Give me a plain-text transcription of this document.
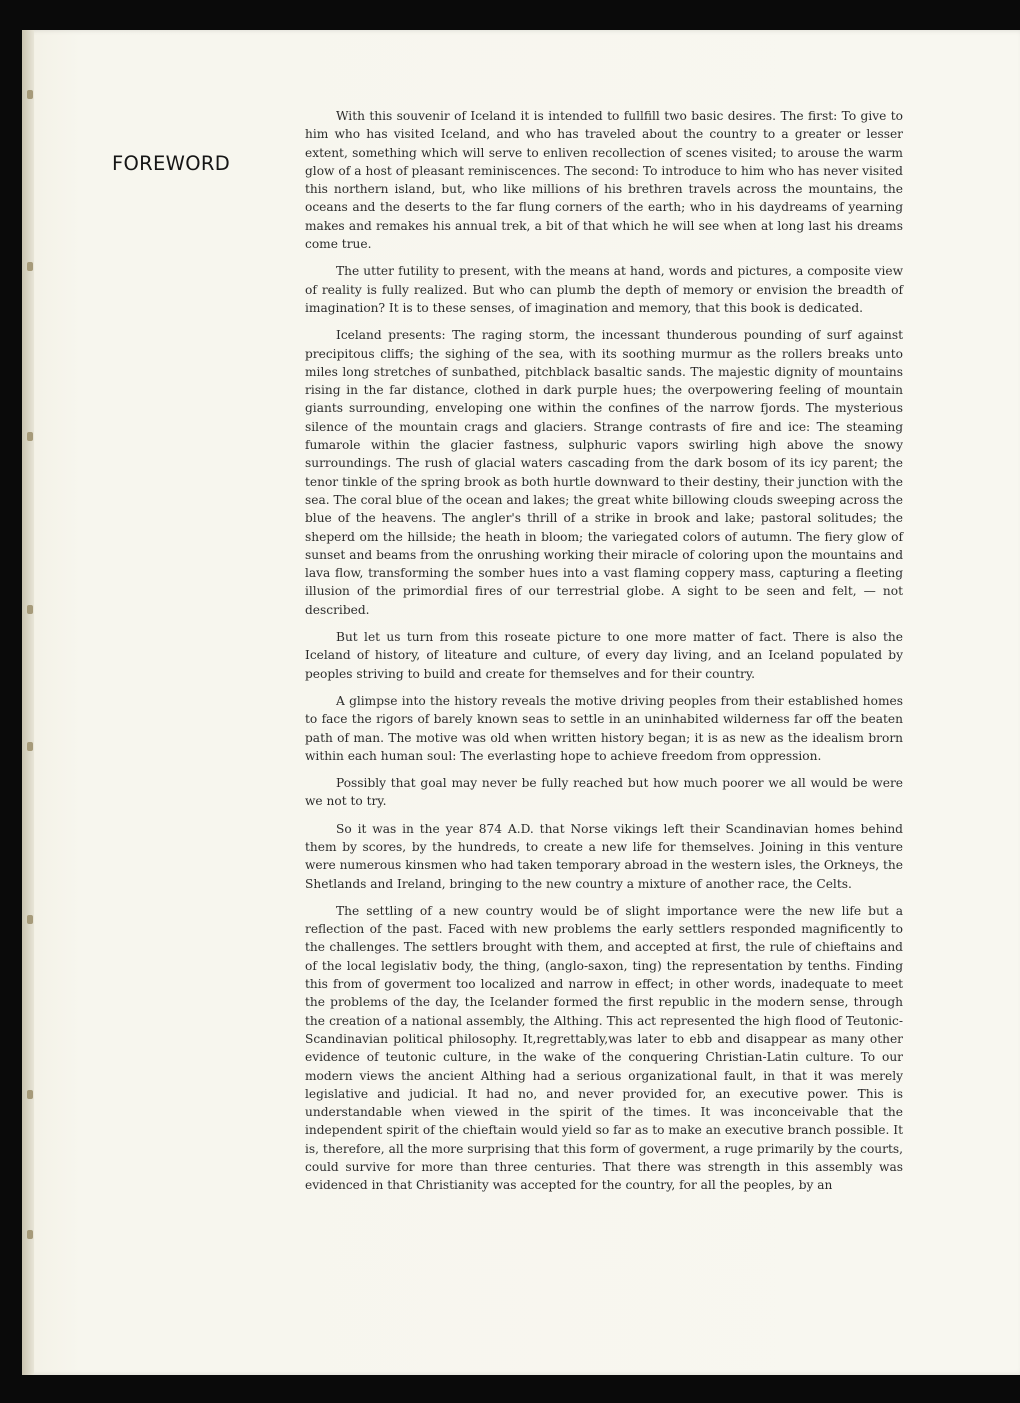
FOREWORD

With this souvenir of Iceland it is intended to fullfill two basic desires. The first: To give to him who has visited Iceland, and who has traveled about the country to a greater or lesser extent, something which will serve to enliven recollection of scenes visited; to arouse the warm glow of a host of pleasant reminiscences. The second: To introduce to him who has never visited this northern island, but, who like millions of his brethren travels across the mountains, the oceans and the deserts to the far flung corners of the earth; who in his daydreams of yearning makes and remakes his annual trek, a bit of that which he will see when at long last his dreams come true.

The utter futility to present, with the means at hand, words and pictures, a composite view of reality is fully realized. But who can plumb the depth of memory or envision the breadth of imagination? It is to these senses, of imagination and memory, that this book is dedicated.

Iceland presents: The raging storm, the incessant thunderous pounding of surf against precipitous cliffs; the sighing of the sea, with its soothing murmur as the rollers breaks unto miles long stretches of sunbathed, pitchblack basaltic sands. The majestic dignity of mountains rising in the far distance, clothed in dark purple hues; the overpowering feeling of mountain giants surrounding, enveloping one within the confines of the narrow fjords. The mysterious silence of the mountain crags and glaciers. Strange contrasts of fire and ice: The steaming fumarole within the glacier fastness, sulphuric vapors swirling high above the snowy surroundings. The rush of glacial waters cascading from the dark bosom of its icy parent; the tenor tinkle of the spring brook as both hurtle downward to their destiny, their junction with the sea. The coral blue of the ocean and lakes; the great white billowing clouds sweeping across the blue of the heavens. The angler's thrill of a strike in brook and lake; pastoral solitudes; the sheperd om the hillside; the heath in bloom; the variegated colors of autumn. The fiery glow of sunset and beams from the onrushing working their miracle of coloring upon the mountains and lava flow, transforming the somber hues into a vast flaming coppery mass, capturing a fleeting illusion of the primordial fires of our terrestrial globe. A sight to be seen and felt, — not described.

But let us turn from this roseate picture to one more matter of fact. There is also the Iceland of history, of liteature and culture, of every day living, and an Iceland populated by peoples striving to build and create for themselves and for their country.

A glimpse into the history reveals the motive driving peoples from their established homes to face the rigors of barely known seas to settle in an uninhabited wilderness far off the beaten path of man. The motive was old when written history began; it is as new as the idealism brorn within each human soul: The everlasting hope to achieve freedom from oppression.

Possibly that goal may never be fully reached but how much poorer we all would be were we not to try.

So it was in the year 874 A.D. that Norse vikings left their Scandinavian homes behind them by scores, by the hundreds, to create a new life for themselves. Joining in this venture were numerous kinsmen who had taken temporary abroad in the western isles, the Orkneys, the Shetlands and Ireland, bringing to the new country a mixture of another race, the Celts.

The settling of a new country would be of slight importance were the new life but a reflection of the past. Faced with new problems the early settlers responded magnificently to the challenges. The settlers brought with them, and accepted at first, the rule of chieftains and of the local legislativ body, the thing, (anglo-saxon, ting) the representation by tenths. Finding this from of goverment too localized and narrow in effect; in other words, inadequate to meet the problems of the day, the Icelander formed the first republic in the modern sense, through the creation of a national assembly, the Althing. This act represented the high flood of Teutonic-Scandinavian political philosophy. It,regrettably,was later to ebb and disappear as many other evidence of teutonic culture, in the wake of the conquering Christian-Latin culture. To our modern views the ancient Althing had a serious organizational fault, in that it was merely legislative and judicial. It had no, and never provided for, an executive power. This is understandable when viewed in the spirit of the times. It was inconceivable that the independent spirit of the chieftain would yield so far as to make an executive branch possible. It is, therefore, all the more surprising that this form of goverment, a ruge primarily by the courts, could survive for more than three centuries. That there was strength in this assembly was evidenced in that Christianity was accepted for the country, for all the peoples, by an
